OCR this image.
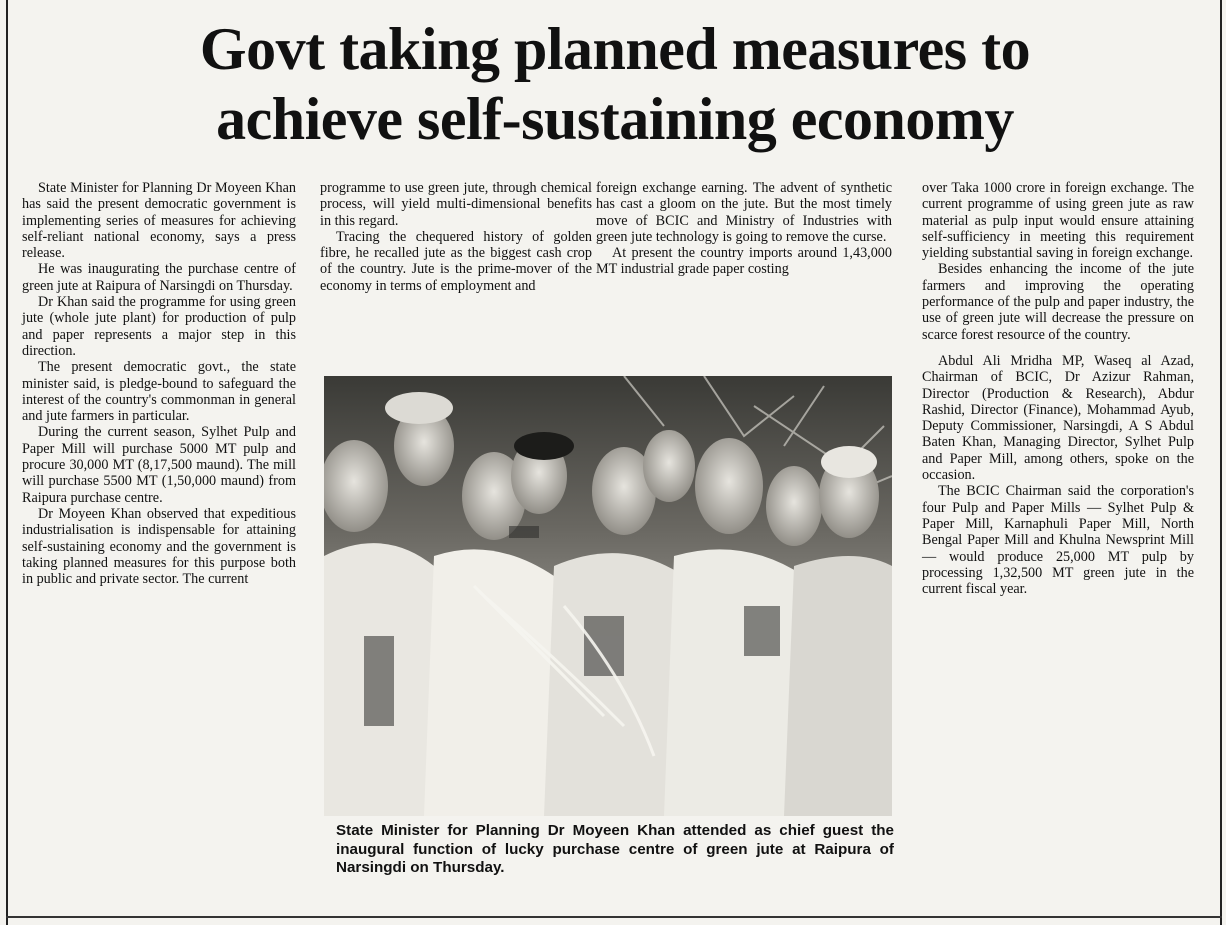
Govt taking planned measures to
achieve self-sustaining economy

State Minister for Planning Dr Moyeen Khan has said the present democratic government is implementing series of measures for achieving self-reliant national economy, says a press release.

He was inaugurating the purchase centre of green jute at Raipura of Narsingdi on Thursday.

Dr Khan said the programme for using green jute (whole jute plant) for production of pulp and paper represents a major step in this direction.

The present democratic govt., the state minister said, is pledge-bound to safeguard the interest of the country's commonman in general and jute farmers in particular.

During the current season, Sylhet Pulp and Paper Mill will purchase 5000 MT pulp and procure 30,000 MT (8,17,500 maund). The mill will purchase 5500 MT (1,50,000 maund) from Raipura purchase centre.

Dr Moyeen Khan observed that expeditious industrialisation is indispensable for attaining self-sustaining economy and the government is taking planned measures for this purpose both in public and private sector. The current

programme to use green jute, through chemical process, will yield multi-dimensional benefits in this regard.

Tracing the chequered history of golden fibre, he recalled jute as the biggest cash crop of the country. Jute is the prime-mover of the economy in terms of employment and

foreign exchange earning. The advent of synthetic has cast a gloom on the jute. But the most timely move of BCIC and Ministry of Industries with green jute technology is going to remove the curse.

At present the country imports around 1,43,000 MT industrial grade paper costing

over Taka 1000 crore in foreign exchange. The current programme of using green jute as raw material as pulp input would ensure attaining self-sufficiency in meeting this requirement yielding substantial saving in foreign exchange.

Besides enhancing the income of the jute farmers and improving the operating performance of the pulp and paper industry, the use of green jute will decrease the pressure on scarce forest resource of the country.

Abdul Ali Mridha MP, Waseq al Azad, Chairman of BCIC, Dr Azizur Rahman, Director (Production & Research), Abdur Rashid, Director (Finance), Mohammad Ayub, Deputy Commissioner, Narsingdi, A S Abdul Baten Khan, Managing Director, Sylhet Pulp and Paper Mill, among others, spoke on the occasion.

The BCIC Chairman said the corporation's four Pulp and Paper Mills — Sylhet Pulp & Paper Mill, Karnaphuli Paper Mill, North Bengal Paper Mill and Khulna Newsprint Mill — would produce 25,000 MT pulp by processing 1,32,500 MT green jute in the current fiscal year.

State Minister for Planning Dr Moyeen Khan attended as chief guest the inaugural function of lucky purchase centre of green jute at Raipura of Narsingdi on Thursday.
